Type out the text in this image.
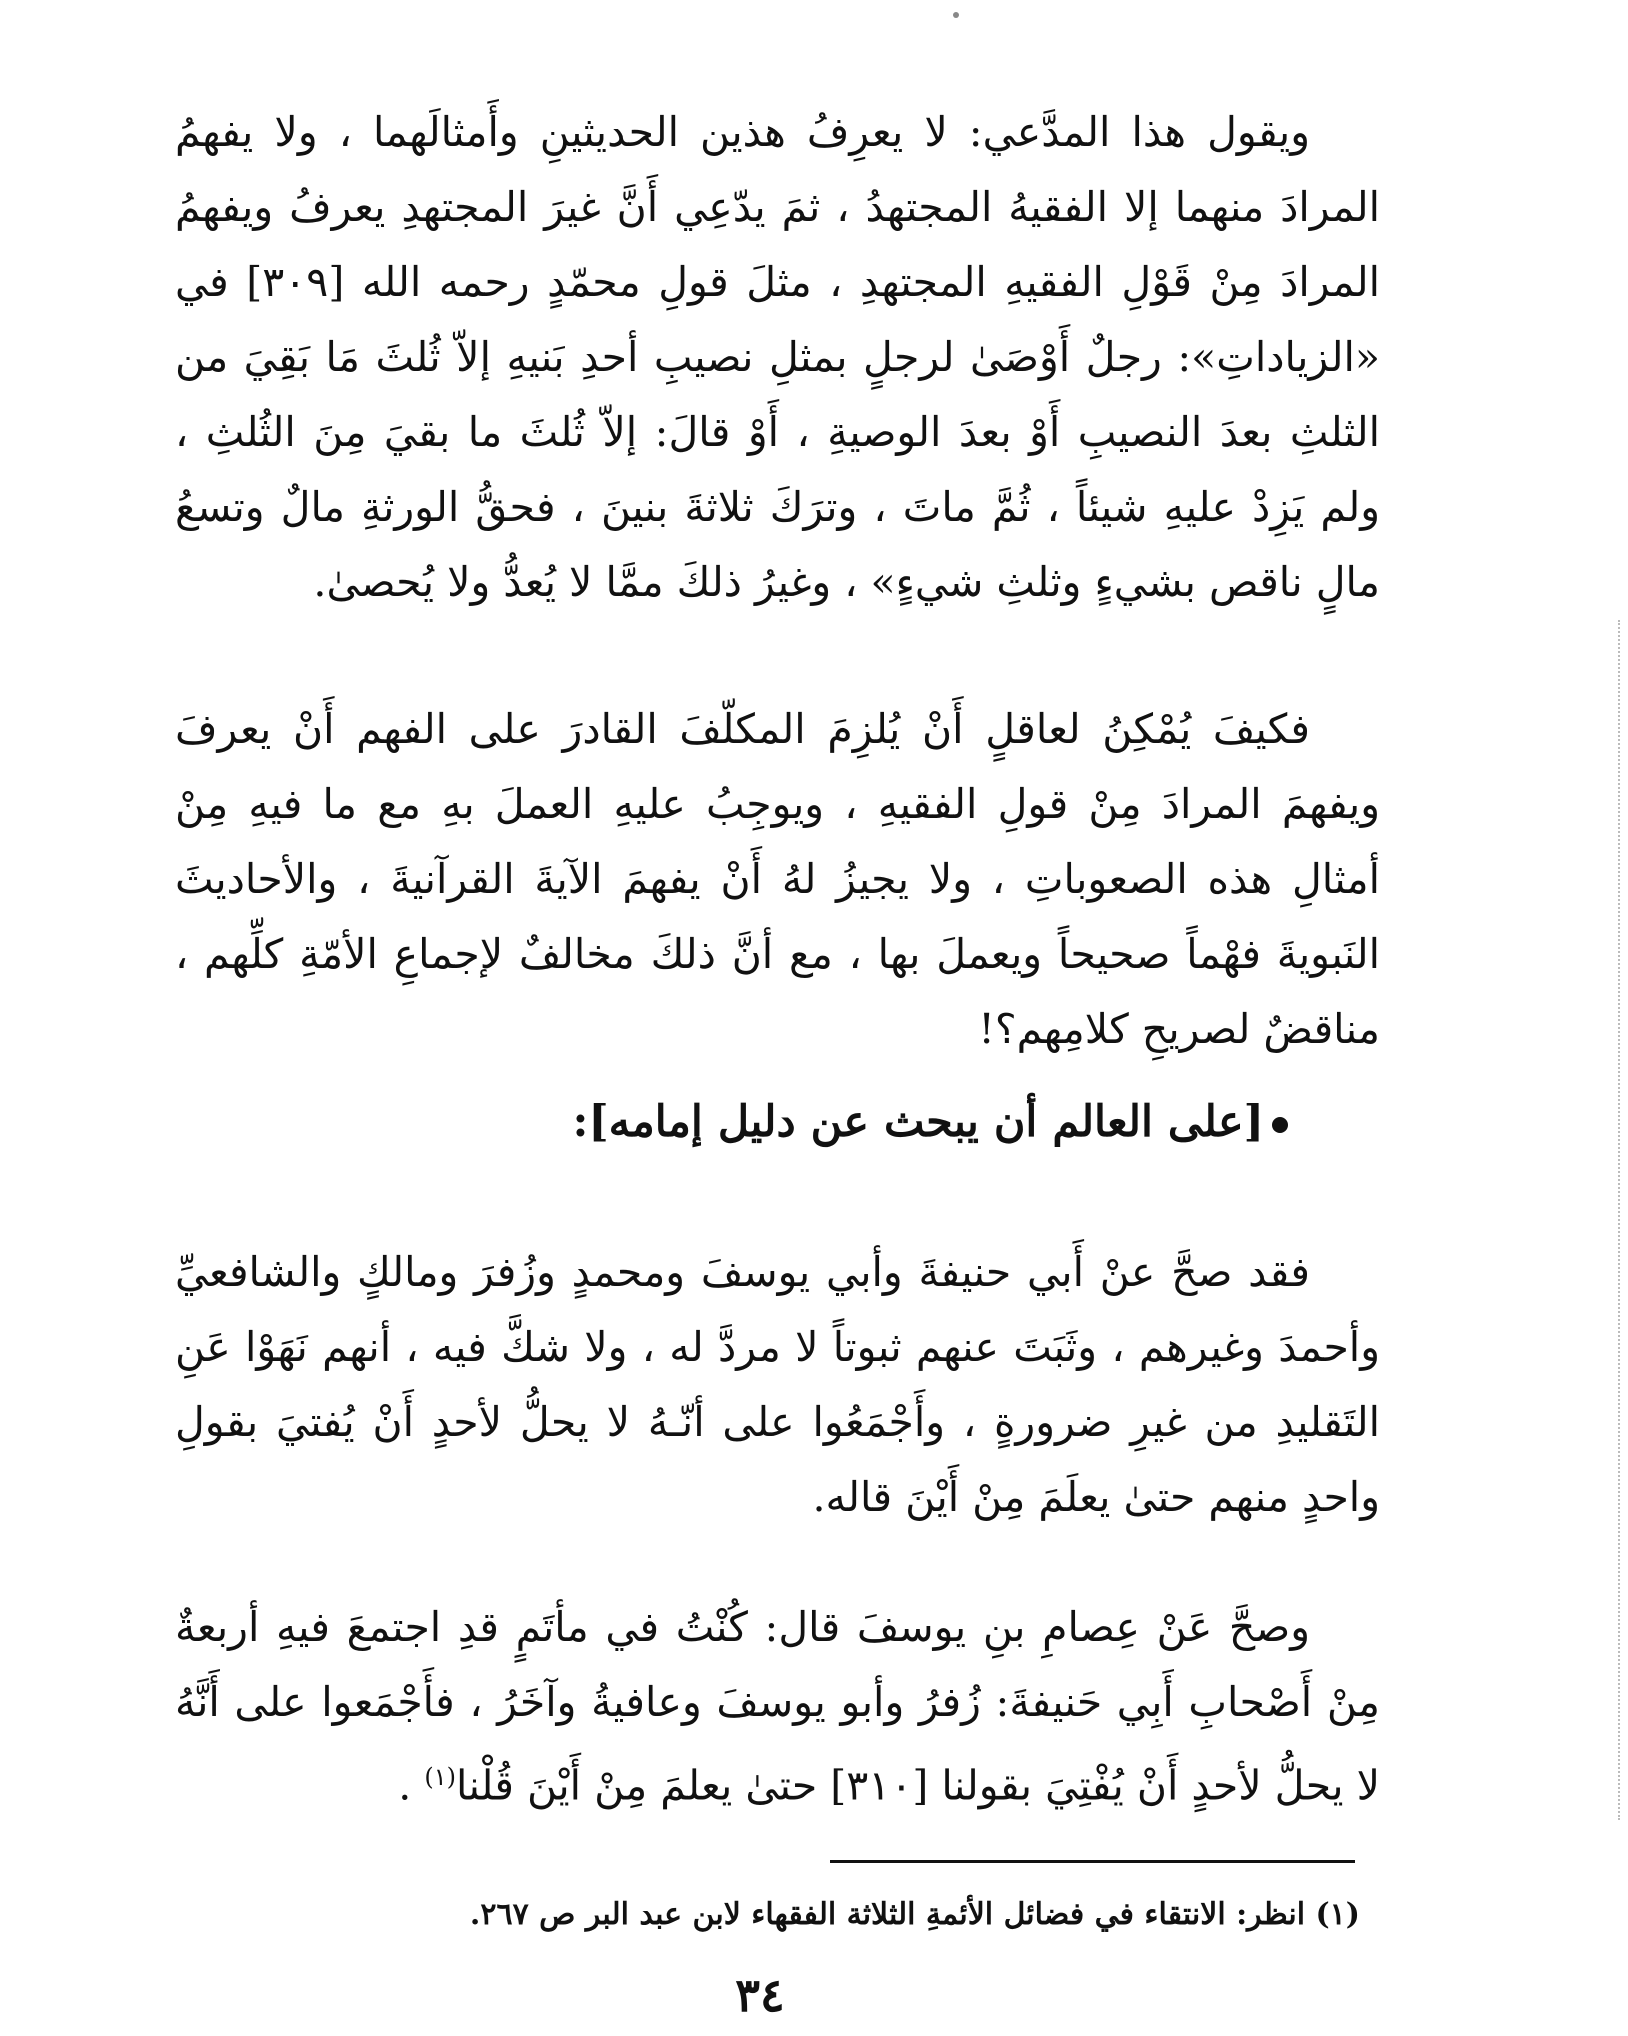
ويقول هذا المدَّعي: لا يعرِفُ هذين الحديثينِ وأَمثالَهما ، ولا يفهمُ المرادَ منهما إلا الفقيهُ المجتهدُ ، ثمَ يدّعِي أَنَّ غيرَ المجتهدِ يعرفُ ويفهمُ المرادَ مِنْ قَوْلِ الفقيهِ المجتهدِ ، مثلَ قولِ محمّدٍ رحمه الله [٣٠٩] في «الزياداتِ»: رجلٌ أَوْصَىٰ لرجلٍ بمثلِ نصيبِ أحدِ بَنيهِ إلاّ ثُلثَ مَا بَقِيَ من الثلثِ بعدَ النصيبِ أَوْ بعدَ الوصيةِ ، أَوْ قالَ: إلاّ ثُلثَ ما بقيَ مِنَ الثُلثِ ، ولم يَزِدْ عليهِ شيئاً ، ثُمَّ ماتَ ، وترَكَ ثلاثةَ بنينَ ، فحقُّ الورثةِ مالٌ وتسعُ مالٍ ناقص بشيءٍ وثلثِ شيءٍ» ، وغيرُ ذلكَ ممَّا لا يُعدُّ ولا يُحصىٰ.
فكيفَ يُمْكِنُ لعاقلٍ أَنْ يُلزِمَ المكلّفَ القادرَ على الفهم أَنْ يعرفَ ويفهمَ المرادَ مِنْ قولِ الفقيهِ ، ويوجِبُ عليهِ العملَ بهِ مع ما فيهِ مِنْ أمثالِ هذه الصعوباتِ ، ولا يجيزُ لهُ أَنْ يفهمَ الآيةَ القرآنيةَ ، والأحاديثَ النَبويةَ فهْماً صحيحاً ويعملَ بها ، مع أنَّ ذلكَ مخالفٌ لإجماعِ الأمّةِ كلِّهم ، مناقضٌ لصريحِ كلامِهم؟!
[على العالم أن يبحث عن دليل إمامه]:
فقد صحَّ عنْ أَبي حنيفةَ وأبي يوسفَ ومحمدٍ وزُفرَ ومالكٍ والشافعيِّ وأحمدَ وغيرهم ، وثَبَتَ عنهم ثبوتاً لا مردَّ له ، ولا شكَّ فيه ، أنهم نَهَوْا عَنِ التَقليدِ من غيرِ ضرورةٍ ، وأَجْمَعُوا على أنّـهُ لا يحلُّ لأحدٍ أَنْ يُفتيَ بقولِ واحدٍ منهم حتىٰ يعلَمَ مِنْ أَيْنَ قاله.
وصحَّ عَنْ عِصامِ بنِ يوسفَ قال: كُنْتُ في مأتَمٍ قدِ اجتمعَ فيهِ أربعةٌ مِنْ أَصْحابِ أَبِي حَنيفةَ: زُفرُ وأبو يوسفَ وعافيةُ وآخَرُ ، فأَجْمَعوا على أَنَّهُ لا يحلُّ لأحدٍ أَنْ يُفْتِيَ بقولنا [٣١٠] حتىٰ يعلمَ مِنْ أَيْنَ قُلْنا$^{(١)}$ .
(١) انظر: الانتقاء في فضائل الأئمةِ الثلاثة الفقهاء لابن عبد البر ص ٢٦٧.
٣٤
